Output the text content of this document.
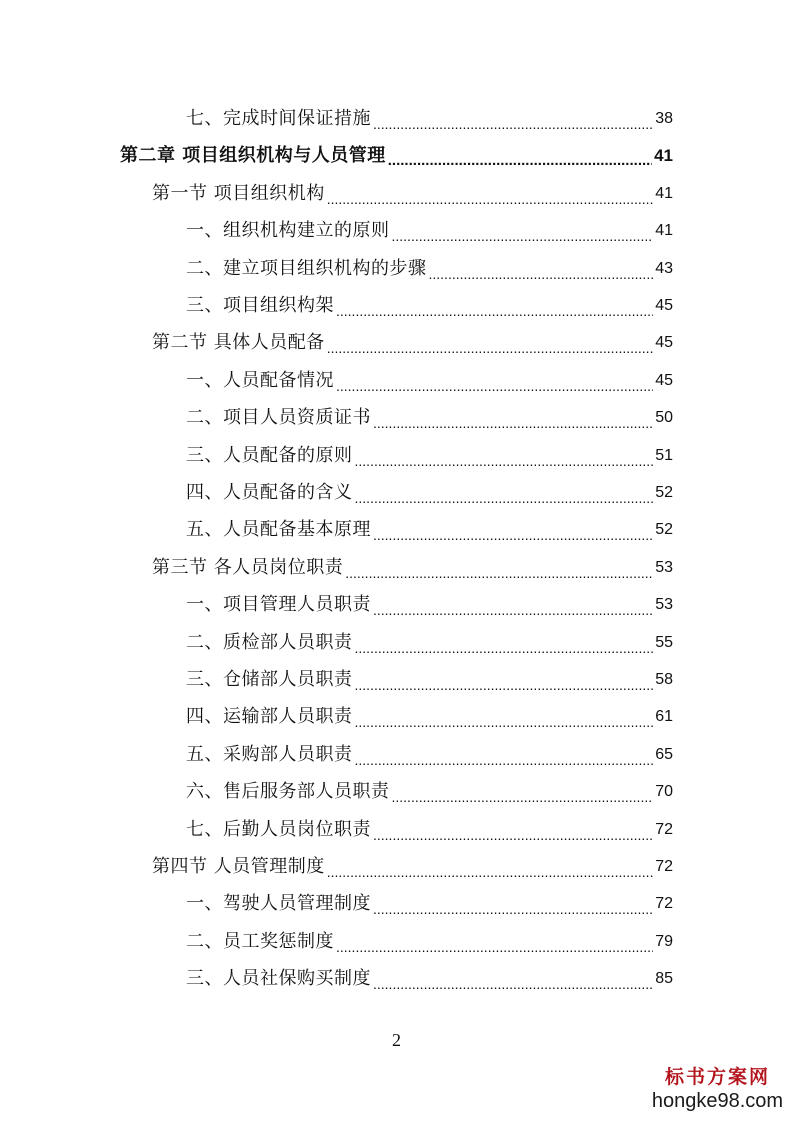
七、完成时间保证措施 .....	38
第二章 项目组织机构与人员管理 .....	41
第一节 项目组织机构 .....	41
一、组织机构建立的原则 .....	41
二、建立项目组织机构的步骤 .....	43
三、项目组织构架 .....	45
第二节 具体人员配备 .....	45
一、人员配备情况 .....	45
二、项目人员资质证书 .....	50
三、人员配备的原则 .....	51
四、人员配备的含义 .....	52
五、人员配备基本原理 .....	52
第三节 各人员岗位职责 .....	53
一、项目管理人员职责 .....	53
二、质检部人员职责 .....	55
三、仓储部人员职责 .....	58
四、运输部人员职责 .....	61
五、采购部人员职责 .....	65
六、售后服务部人员职责 .....	70
七、后勤人员岗位职责 .....	72
第四节 人员管理制度 .....	72
一、驾驶人员管理制度 .....	72
二、员工奖惩制度 .....	79
三、人员社保购买制度 .....	85
2
标书方案网
hongke98.com
